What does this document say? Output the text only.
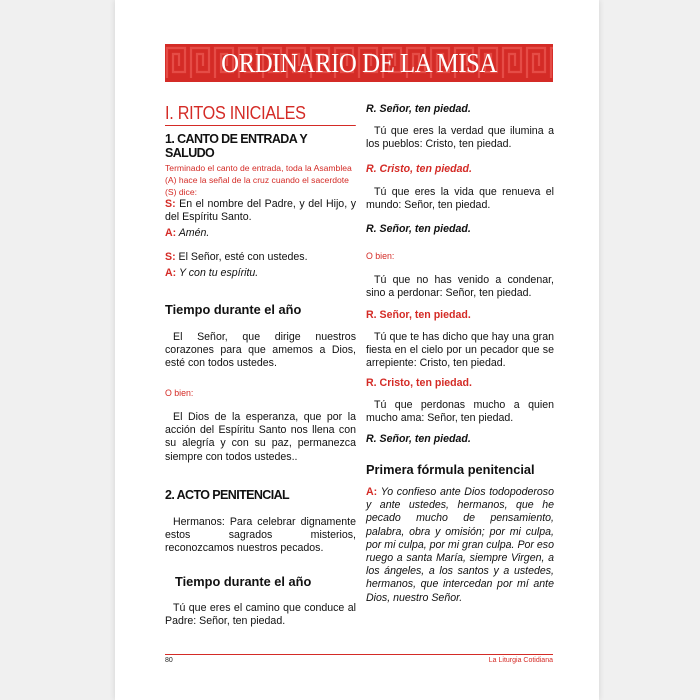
ORDINARIO DE LA MISA
I. RITOS INICIALES
1. CANTO DE ENTRADA Y SALUDO
Terminado el canto de entrada, toda la Asamblea (A) hace la señal de la cruz cuando el sacerdote (S) dice:

S: En el nombre del Padre, y del Hijo, y del Espíritu Santo.

A: Amén.

S: El Señor, esté con ustedes.

A: Y con tu espíritu.

Tiempo durante el año

El Señor, que dirige nuestros corazones para que amemos a Dios, esté con todos ustedes.

O bien:

El Dios de la esperanza, que por la acción del Espíritu Santo nos llena con su alegría y con su paz, permanezca siempre con todos ustedes..

2. ACTO PENITENCIAL

Hermanos: Para celebrar dignamente estos sagrados misterios, reconozcamos nuestros pecados.

Tiempo durante el año

Tú que eres el camino que conduce al Padre: Señor, ten piedad.

R. Señor, ten piedad.

Tú que eres la verdad que ilumina a los pueblos: Cristo, ten piedad.

R. Cristo, ten piedad.

Tú que eres la vida que renueva el mundo: Señor, ten piedad.

R. Señor, ten piedad.

O bien:

Tú que no has venido a condenar, sino a perdonar: Señor, ten piedad.

R. Señor, ten piedad.

Tú que te has dicho que hay una gran fiesta en el cielo por un pecador que se arrepiente: Cristo, ten piedad.

R. Cristo, ten piedad.

Tú que perdonas mucho a quien mucho ama: Señor, ten piedad.

R. Señor, ten piedad.

Primera fórmula penitencial

A: Yo confieso ante Dios todopoderoso y ante ustedes, hermanos, que he pecado mucho de pensamiento, palabra, obra y omisión; por mi culpa, por mi culpa, por mi gran culpa. Por eso ruego a santa María, siempre Virgen, a los ángeles, a los santos y a ustedes, hermanos, que intercedan por mí ante Dios, nuestro Señor.

80	La Liturgia Cotidiana
